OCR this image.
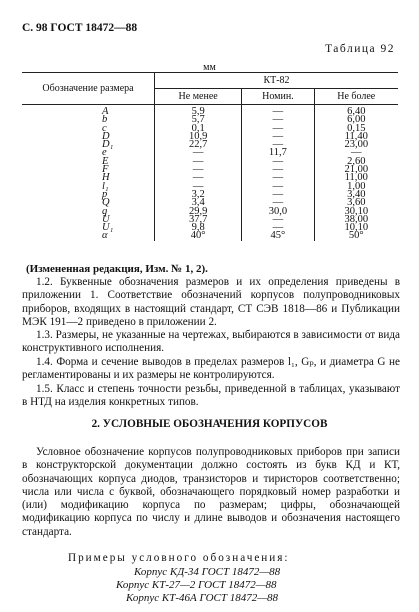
С. 98 ГОСТ 18472—88
Таблица 92
мм
Обозначение размера	КТ-82		
	Не менее	Номин.	Не более
A	5,9	—	6,40
b	5,7	—	6,00
c	0,1	—	0,15
D	10,9	—	11,40
D₁	22,7	—	23,00
e	—	11,7	—
E	—	—	2,60
F	—	—	21,00
H	—	—	11,00
l₁	—	—	1,00
p	3,2	—	3,40
Q	3,4	—	3,60
q	29,9	30,0	30,10
U	37,7	—	38,00
U₁	9,8	—	10,10
α	40°	45°	50°
(Измененная редакция, Изм. № 1, 2).

1.2. Буквенные обозначения размеров и их определения приведены в приложении 1. Соответствие обозначений корпусов полупроводниковых приборов, входящих в настоящий стандарт, СТ СЭВ 1818—86 и Публикации МЭК 191—2 приведено в приложении 2.

1.3. Размеры, не указанные на чертежах, выбираются в зависимости от вида конструктивного исполнения.

1.4. Форма и сечение выводов в пределах размеров l₁, Gₚ, и диаметра G не регламентированы и их размеры не контролируются.

1.5. Класс и степень точности резьбы, приведенной в таблицах, указывают в НТД на изделия конкретных типов.

2. УСЛОВНЫЕ ОБОЗНАЧЕНИЯ КОРПУСОВ

Условное обозначение корпусов полупроводниковых приборов при записи в конструкторской документации должно состоять из букв КД и КТ, обозначающих корпуса диодов, транзисторов и тиристоров соответственно; числа или числа с буквой, обозначающего порядковый номер разработки и (или) модификацию корпуса по размерам; цифры, обозначающей модификацию корпуса по числу и длине выводов и обозначения настоящего стандарта.

Примеры условного обозначения:
Корпус КД-34 ГОСТ 18472—88
Корпус КТ-27—2 ГОСТ 18472—88
Корпус КТ-46А ГОСТ 18472—88
